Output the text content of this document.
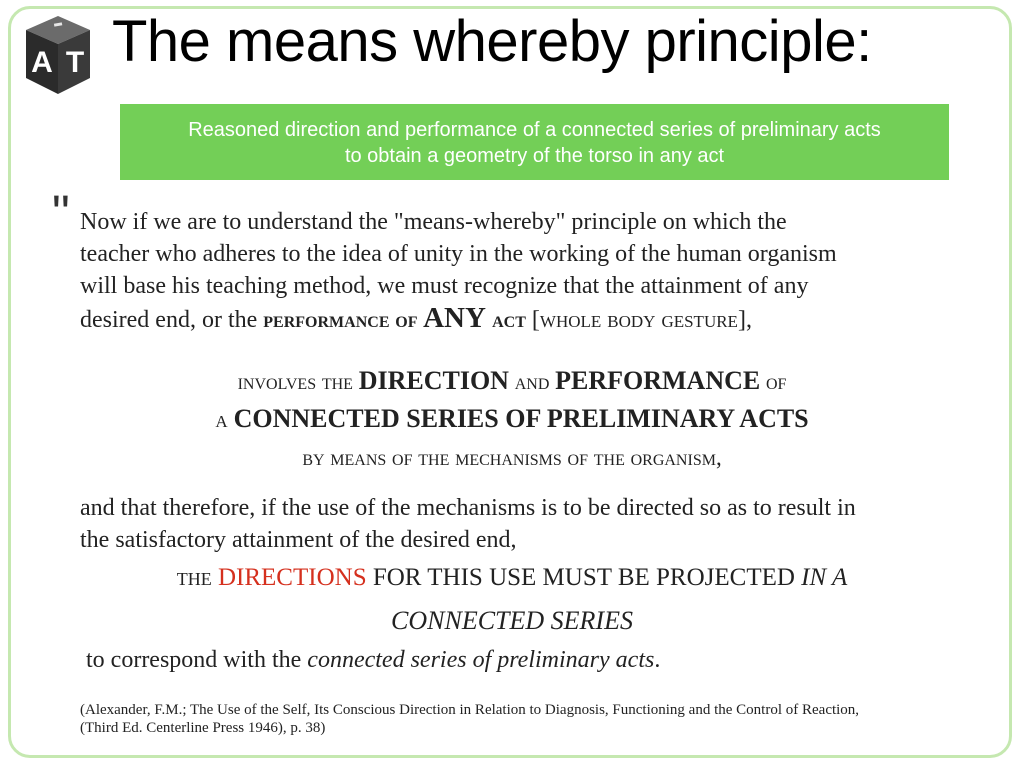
A T The means whereby principle:
Reasoned direction and performance of a connected series of preliminary acts
to obtain a geometry of the torso in any act
" Now if we are to understand the "means-whereby" principle on which the
teacher who adheres to the idea of unity in the working of the human organism
will base his teaching method, we must recognize that the attainment of any
desired end, or the performance of ANY act [whole body gesture],
involves the DIRECTION and PERFORMANCE of
a CONNECTED SERIES OF PRELIMINARY ACTS
by means of the mechanisms of the organism,
and that therefore, if the use of the mechanisms is to be directed so as to result in
the satisfactory attainment of the desired end,
the DIRECTIONS FOR THIS USE MUST BE PROJECTED IN A
CONNECTED SERIES
to correspond with the connected series of preliminary acts.
(Alexander, F.M.; The Use of the Self, Its Conscious Direction in Relation to Diagnosis, Functioning and the Control of Reaction,
(Third Ed. Centerline Press 1946), p. 38)
